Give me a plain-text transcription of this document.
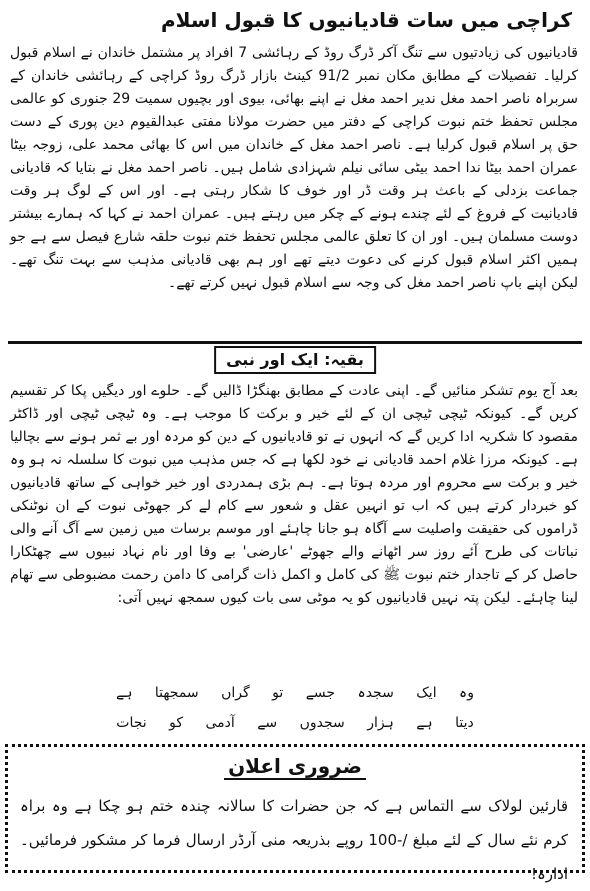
کراچی میں سات قادیانیوں کا قبول اسلام

قادیانیوں کی زیادتیوں سے تنگ آکر ڈرگ روڈ کے رہائشی 7 افراد پر مشتمل خاندان نے اسلام قبول کرلیا۔ تفصیلات کے مطابق مکان نمبر 91/2 کینٹ بازار ڈرگ روڈ کراچی کے رہائشی خاندان کے سربراہ ناصر احمد مغل ندیر احمد مغل نے اپنے بھائی، بیوی اور بچیوں سمیت 29 جنوری کو عالمی مجلس تحفظ ختم نبوت کراچی کے دفتر میں حضرت مولانا مفتی عبدالقیوم دین پوری کے دست حق پر اسلام قبول کرلیا ہے۔ ناصر احمد مغل کے خاندان میں اس کا بھائی محمد علی، زوجہ بیٹا عمران احمد بیٹا ندا احمد بیٹی سائی نیلم شہزادی شامل ہیں۔ ناصر احمد مغل نے بتایا کہ قادیانی جماعت بزدلی کے باعث ہر وقت ڈر اور خوف کا شکار رہتی ہے۔ اور اس کے لوگ ہر وقت قادیانیت کے فروغ کے لئے چندے ہونے کے چکر میں رہتے ہیں۔ عمران احمد نے کہا کہ ہمارے بیشتر دوست مسلمان ہیں۔ اور ان کا تعلق عالمی مجلس تحفظ ختم نبوت حلقہ شارع فیصل سے ہے جو ہمیں اکثر اسلام قبول کرنے کی دعوت دیتے تھے اور ہم بھی قادیانی مذہب سے بہت تنگ تھے۔ لیکن اپنے باپ ناصر احمد مغل کی وجہ سے اسلام قبول نہیں کرتے تھے۔

بقیہ: ایک اور نبی

بعد آج یوم تشکر منائیں گے۔ اپنی عادت کے مطابق بھنگڑا ڈالیں گے۔ حلوے اور دیگیں پکا کر تقسیم کریں گے۔ کیونکہ ٹیچی ٹیچی ان کے لئے خیر و برکت کا موجب ہے۔ وہ ٹیچی ٹیچی اور ڈاکٹر مقصود کا شکریہ ادا کریں گے کہ انہوں نے تو قادیانیوں کے دین کو مردہ اور بے ثمر ہونے سے بچالیا ہے۔ کیونکہ مرزا غلام احمد قادیانی نے خود لکھا ہے کہ جس مذہب میں نبوت کا سلسلہ نہ ہو وہ خیر و برکت سے محروم اور مردہ ہوتا ہے۔ ہم بڑی ہمدردی اور خیر خواہی کے ساتھ قادیانیوں کو خبردار کرتے ہیں کہ اب تو انہیں عقل و شعور سے کام لے کر جھوٹی نبوت کے ان نوٹنکی ڈراموں کی حقیقت واصلیت سے آگاہ ہو جانا چاہئے اور موسم برسات میں زمین سے آگ آنے والی نباتات کی طرح آئے روز سر اٹھانے والے جھوٹے 'عارضی' بے وفا اور نام نہاد نبیوں سے چھٹکارا حاصل کر کے تاجدار ختم نبوت ﷺ کی کامل و اکمل ذات گرامی کا دامن رحمت مضبوطی سے تھام لینا چاہئے۔ لیکن پتہ نہیں قادیانیوں کو یہ موٹی سی بات کیوں سمجھ نہیں آتی:

وہ ایک سجدہ جسے تو گراں سمجھتا ہے
دیتا ہے ہزار سجدوں سے آدمی کو نجات
ضروری اعلان

قارئین لولاک سے التماس ہے کہ جن حضرات کا سالانہ چندہ ختم ہو چکا ہے وہ براہ کرم نئے سال کے لئے مبلغ /-100 روپے بذریعہ منی آرڈر ارسال فرما کر مشکور فرمائیں۔ ادارہ!
